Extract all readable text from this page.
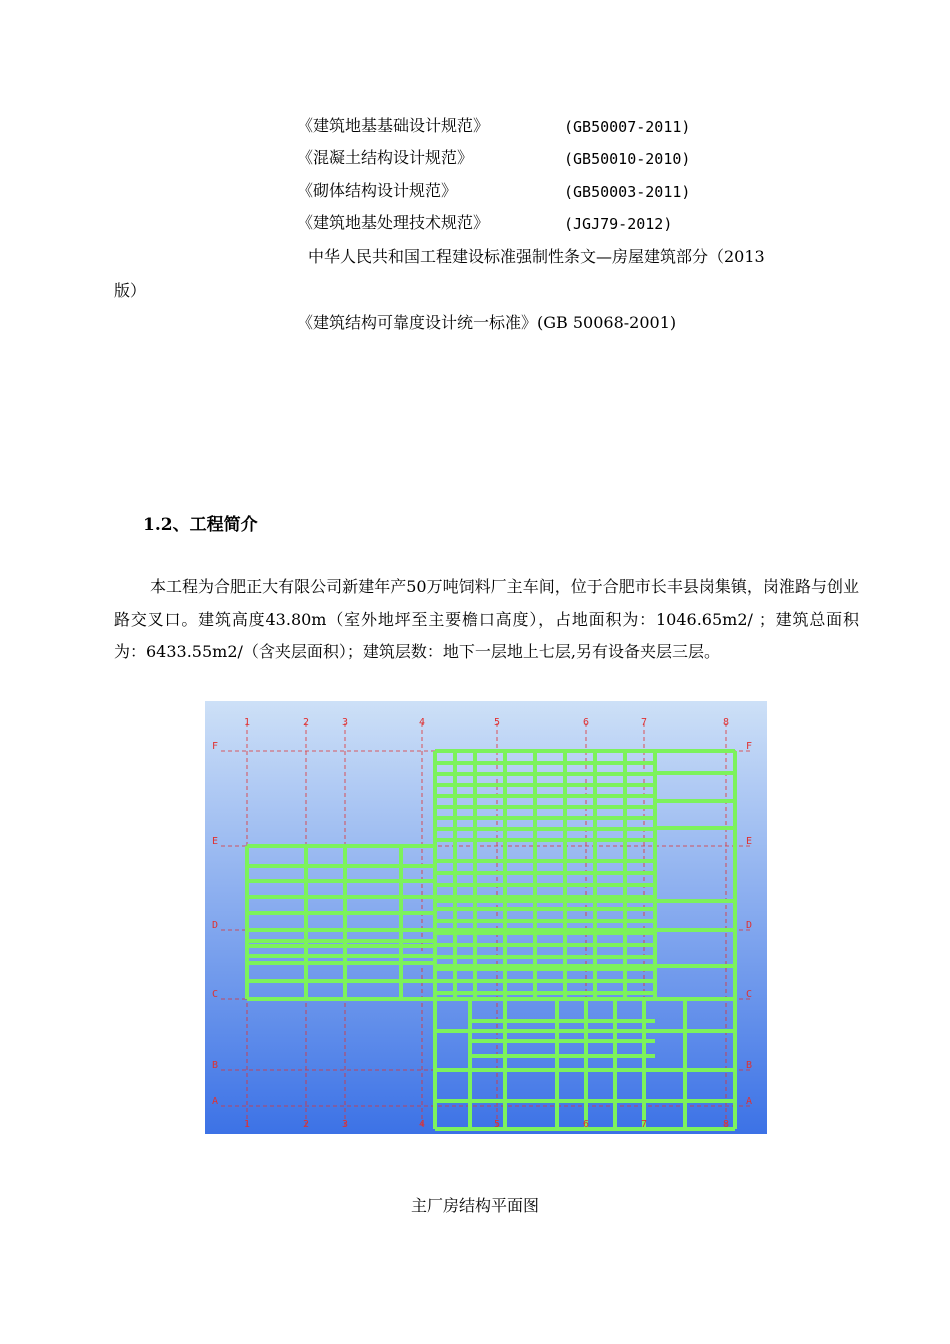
《建筑地基基础设计规范》	(GB50007-2011)
《混凝土结构设计规范》	(GB50010-2010)
《砌体结构设计规范》	(GB50003-2011)
《建筑地基处理技术规范》	(JGJ79-2012)
中华人民共和国工程建设标准强制性条文—房屋建筑部分（2013
版）
《建筑结构可靠度设计统一标准》(GB 50068-2001)
1.2、工程简介
本工程为合肥正大有限公司新建年产50万吨饲料厂主车间，位于合肥市长丰县岗集镇，岗淮路与创业路交叉口。建筑高度43.80m（室外地坪至主要檐口高度），占地面积为：1046.65m2/ ；建筑总面积为：6433.55m2/（含夹层面积）；建筑层数：地下一层地上七层,另有设备夹层三层。
1	2	3	4	5	6	7	8
1	2	3	4	5	6	7	8
F
E
D
C
B
A
F
E
D
C
B
A
主厂房结构平面图
